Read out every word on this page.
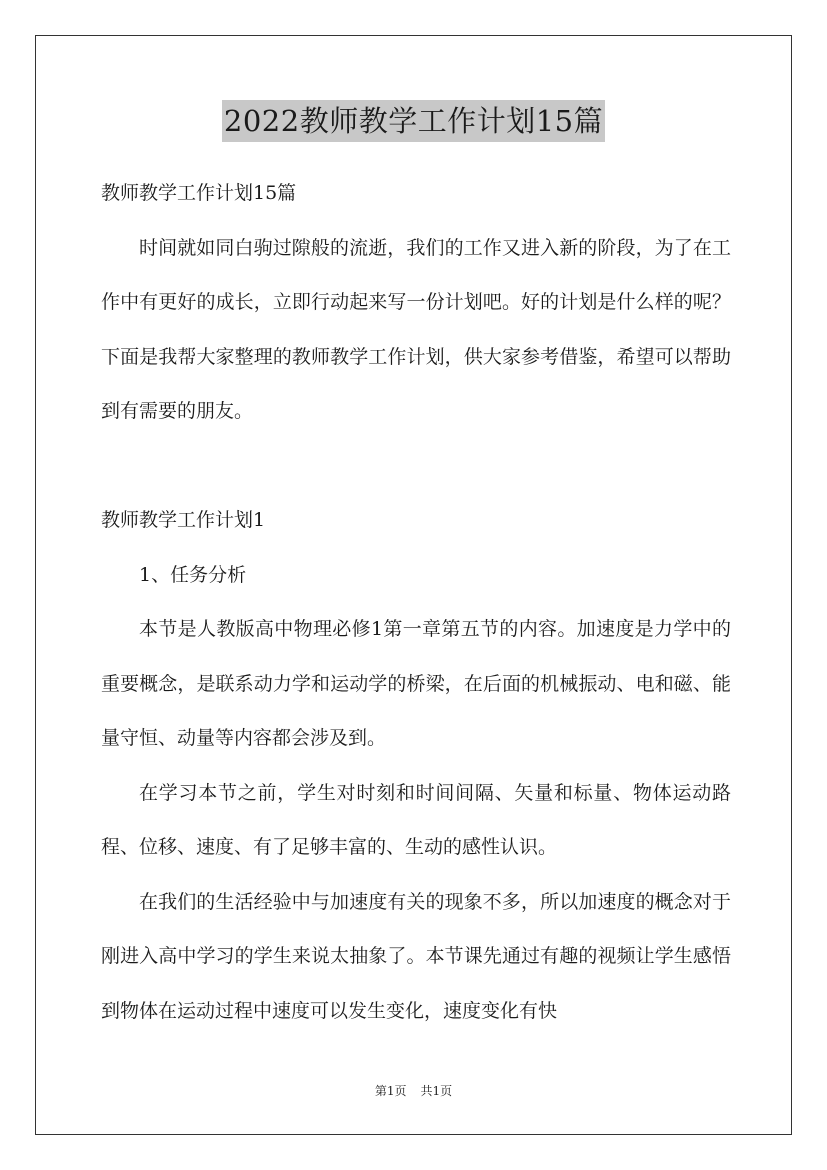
2022教师教学工作计划15篇

教师教学工作计划15篇

时间就如同白驹过隙般的流逝，我们的工作又进入新的阶段，为了在工作中有更好的成长，立即行动起来写一份计划吧。好的计划是什么样的呢？下面是我帮大家整理的教师教学工作计划，供大家参考借鉴，希望可以帮助到有需要的朋友。

教师教学工作计划1

1、任务分析

本节是人教版高中物理必修1第一章第五节的内容。加速度是力学中的重要概念，是联系动力学和运动学的桥梁，在后面的机械振动、电和磁、能量守恒、动量等内容都会涉及到。

在学习本节之前，学生对时刻和时间间隔、矢量和标量、物体运动路程、位移、速度、有了足够丰富的、生动的感性认识。

在我们的生活经验中与加速度有关的现象不多，所以加速度的概念对于刚进入高中学习的学生来说太抽象了。本节课先通过有趣的视频让学生感悟到物体在运动过程中速度可以发生变化，速度变化有快

第1页 共1页
